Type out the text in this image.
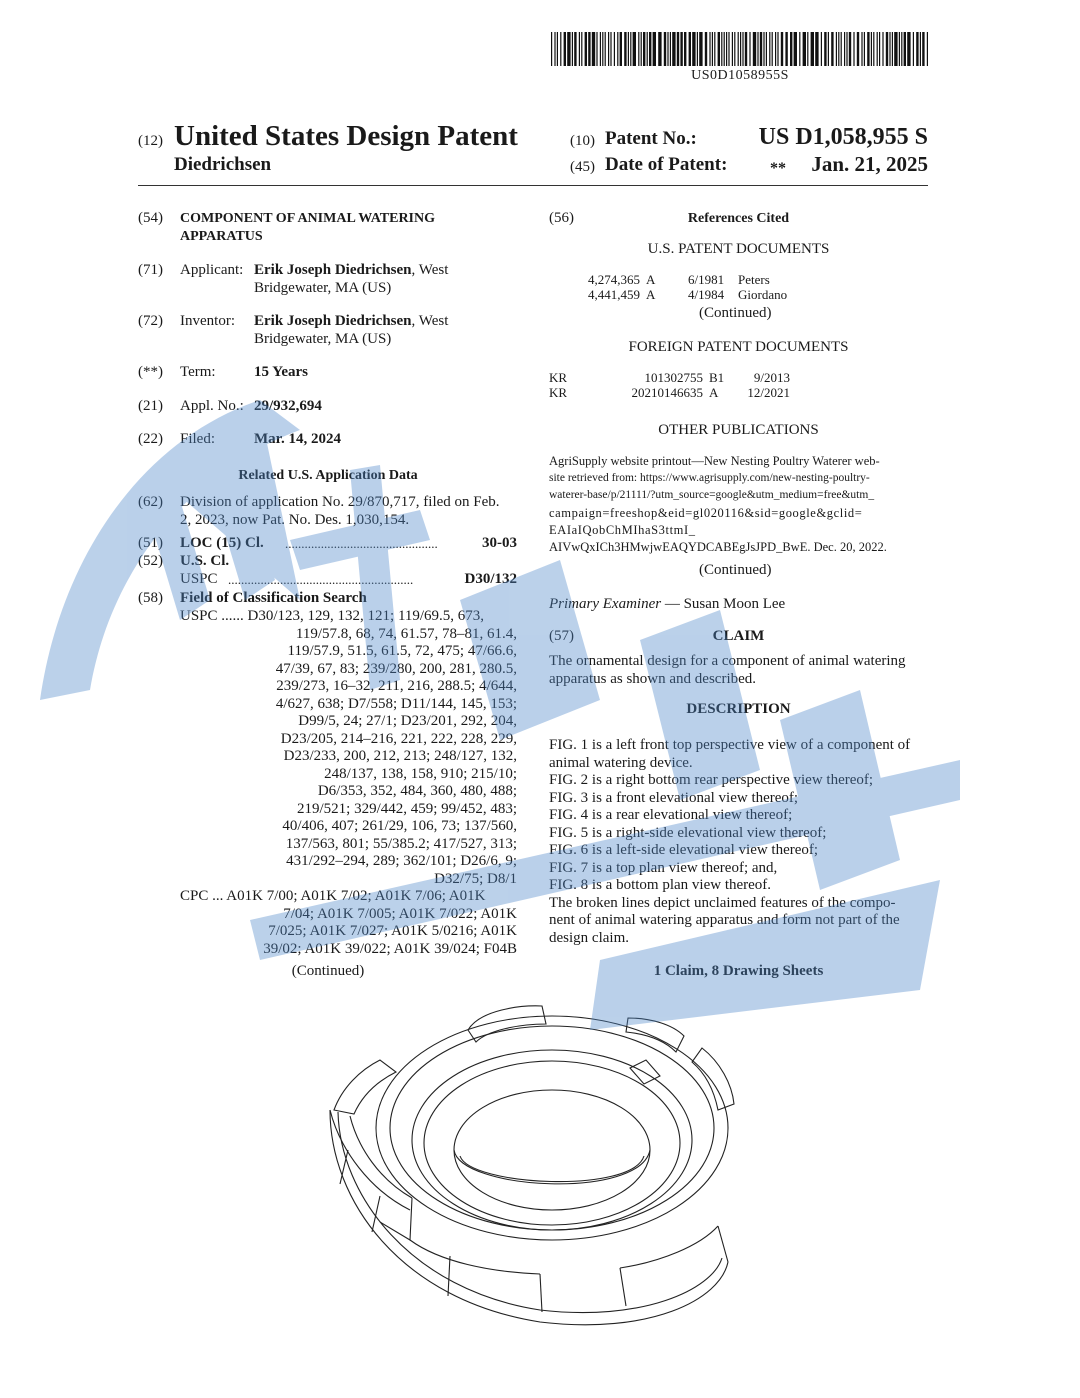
US0D1058955S
(12) United States Design Patent
Diedrichsen
(10) Patent No.:	US D1,058,955 S
(45) Date of Patent:	**	Jan. 21, 2025
(54) COMPONENT OF ANIMAL WATERING
APPARATUS
(71) Applicant: Erik Joseph Diedrichsen, West
Bridgewater, MA (US)
(72) Inventor: Erik Joseph Diedrichsen, West
Bridgewater, MA (US)
(**) Term:	15 Years
(21) Appl. No.: 29/932,694
(22) Filed:	Mar. 14, 2024
Related U.S. Application Data
(62) Division of application No. 29/870,717, filed on Feb.
2, 2023, now Pat. No. Des. 1,030,154.
(51) LOC (15) Cl. ...............................................	30-03
(52) U.S. Cl.
USPC .........................................................	D30/132
(58) Field of Classification Search
USPC ...... D30/123, 129, 132, 121; 119/69.5, 673,
119/57.8, 68, 74, 61.57, 78–81, 61.4,
119/57.9, 51.5, 61.5, 72, 475; 47/66.6,
47/39, 67, 83; 239/280, 200, 281, 280.5,
239/273, 16–32, 211, 216, 288.5; 4/644,
4/627, 638; D7/558; D11/144, 145, 153;
D99/5, 24; 27/1; D23/201, 292, 204,
D23/205, 214–216, 221, 222, 228, 229,
D23/233, 200, 212, 213; 248/127, 132,
248/137, 138, 158, 910; 215/10;
D6/353, 352, 484, 360, 480, 488;
219/521; 329/442, 459; 99/452, 483;
40/406, 407; 261/29, 106, 73; 137/560,
137/563, 801; 55/385.2; 417/527, 313;
431/292–294, 289; 362/101; D26/6, 9;
D32/75; D8/1
CPC ... A01K 7/00; A01K 7/02; A01K 7/06; A01K
7/04; A01K 7/005; A01K 7/022; A01K
7/025; A01K 7/027; A01K 5/0216; A01K
39/02; A01K 39/022; A01K 39/024; F04B
(Continued)
(56)	References Cited
U.S. PATENT DOCUMENTS
4,274,365 A	6/1981 Peters
4,441,459 A	4/1984 Giordano
(Continued)
FOREIGN PATENT DOCUMENTS
KR	101302755 B1	9/2013
KR	20210146635 A 12/2021
OTHER PUBLICATIONS
AgriSupply website printout—New Nesting Poultry Waterer web-
site retrieved from: https://www.agrisupply.com/new-nesting-poultry-
waterer-base/p/21111/?utm_source=google&utm_medium=free&utm_
campaign=freeshop&eid=gl020116&sid=google&gclid=
EAIaIQobChMIhaS3ttmI_
AIVwQxICh3HMwjwEAQYDCABEgJsJPD_BwE. Dec. 20, 2022.
(Continued)
Primary Examiner — Susan Moon Lee
(57)	CLAIM
The ornamental design for a component of animal watering
apparatus as shown and described.
DESCRIPTION
FIG. 1 is a left front top perspective view of a component of
animal watering device.
FIG. 2 is a right bottom rear perspective view thereof;
FIG. 3 is a front elevational view thereof;
FIG. 4 is a rear elevational view thereof;
FIG. 5 is a right-side elevational view thereof;
FIG. 6 is a left-side elevational view thereof;
FIG. 7 is a top plan view thereof; and,
FIG. 8 is a bottom plan view thereof.
The broken lines depict unclaimed features of the compo-
nent of animal watering apparatus and form not part of the
design claim.
1 Claim, 8 Drawing Sheets
